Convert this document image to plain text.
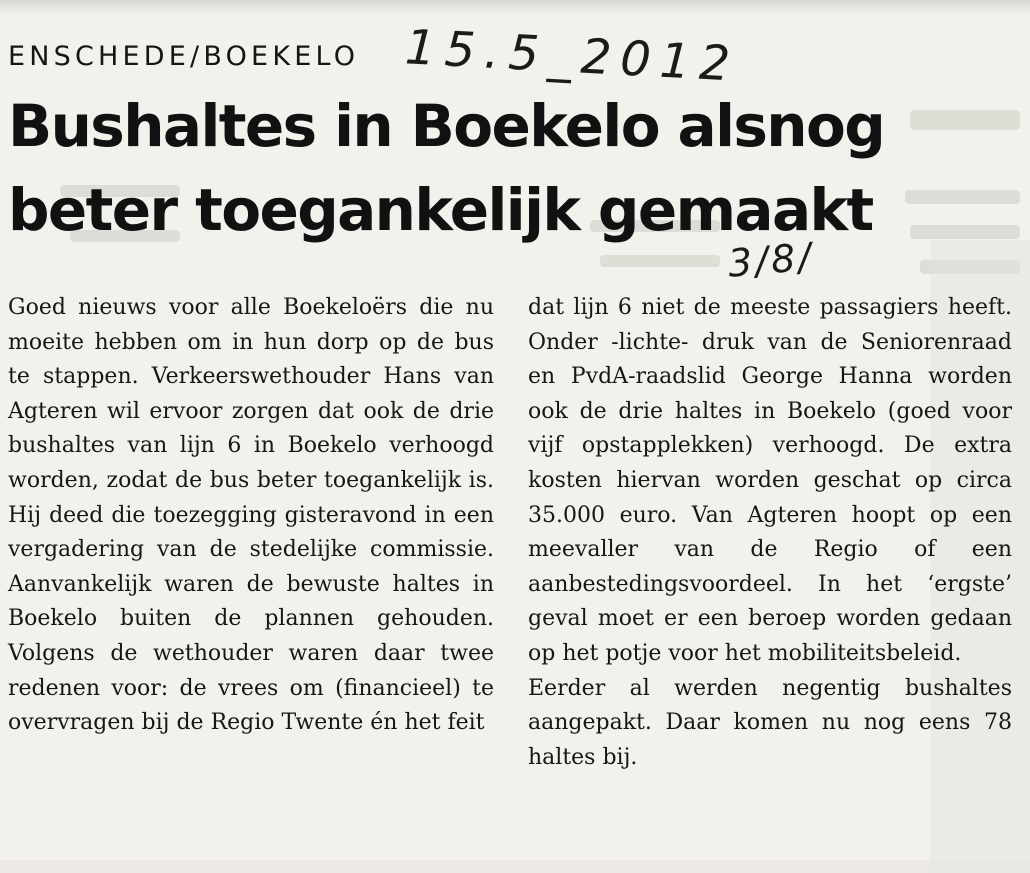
ENSCHEDE/BOEKELO 15.5_2012
Bushaltes in Boekelo alsnog
beter toegankelijk gemaakt
3/8/

Goed nieuws voor alle Boekeloërs die nu moeite hebben om in hun dorp op de bus te stappen. Verkeerswethouder Hans van Agteren wil ervoor zorgen dat ook de drie bushaltes van lijn 6 in Boekelo verhoogd worden, zodat de bus beter toegankelijk is. Hij deed die toezegging gisteravond in een vergadering van de stedelijke commissie. Aanvankelijk waren de bewuste haltes in Boekelo buiten de plannen gehouden. Volgens de wethouder waren daar twee redenen voor: de vrees om (financieel) te overvragen bij de Regio Twente én het feit

dat lijn 6 niet de meeste passagiers heeft. Onder -lichte- druk van de Seniorenraad en PvdA-raadslid George Hanna worden ook de drie haltes in Boekelo (goed voor vijf opstapplekken) verhoogd. De extra kosten hiervan worden geschat op circa 35.000 euro. Van Agteren hoopt op een meevaller van de Regio of een aanbestedingsvoordeel. In het ‘ergste’ geval moet er een beroep worden gedaan op het potje voor het mobiliteitsbeleid.
Eerder al werden negentig bushaltes aangepakt. Daar komen nu nog eens 78 haltes bij.
